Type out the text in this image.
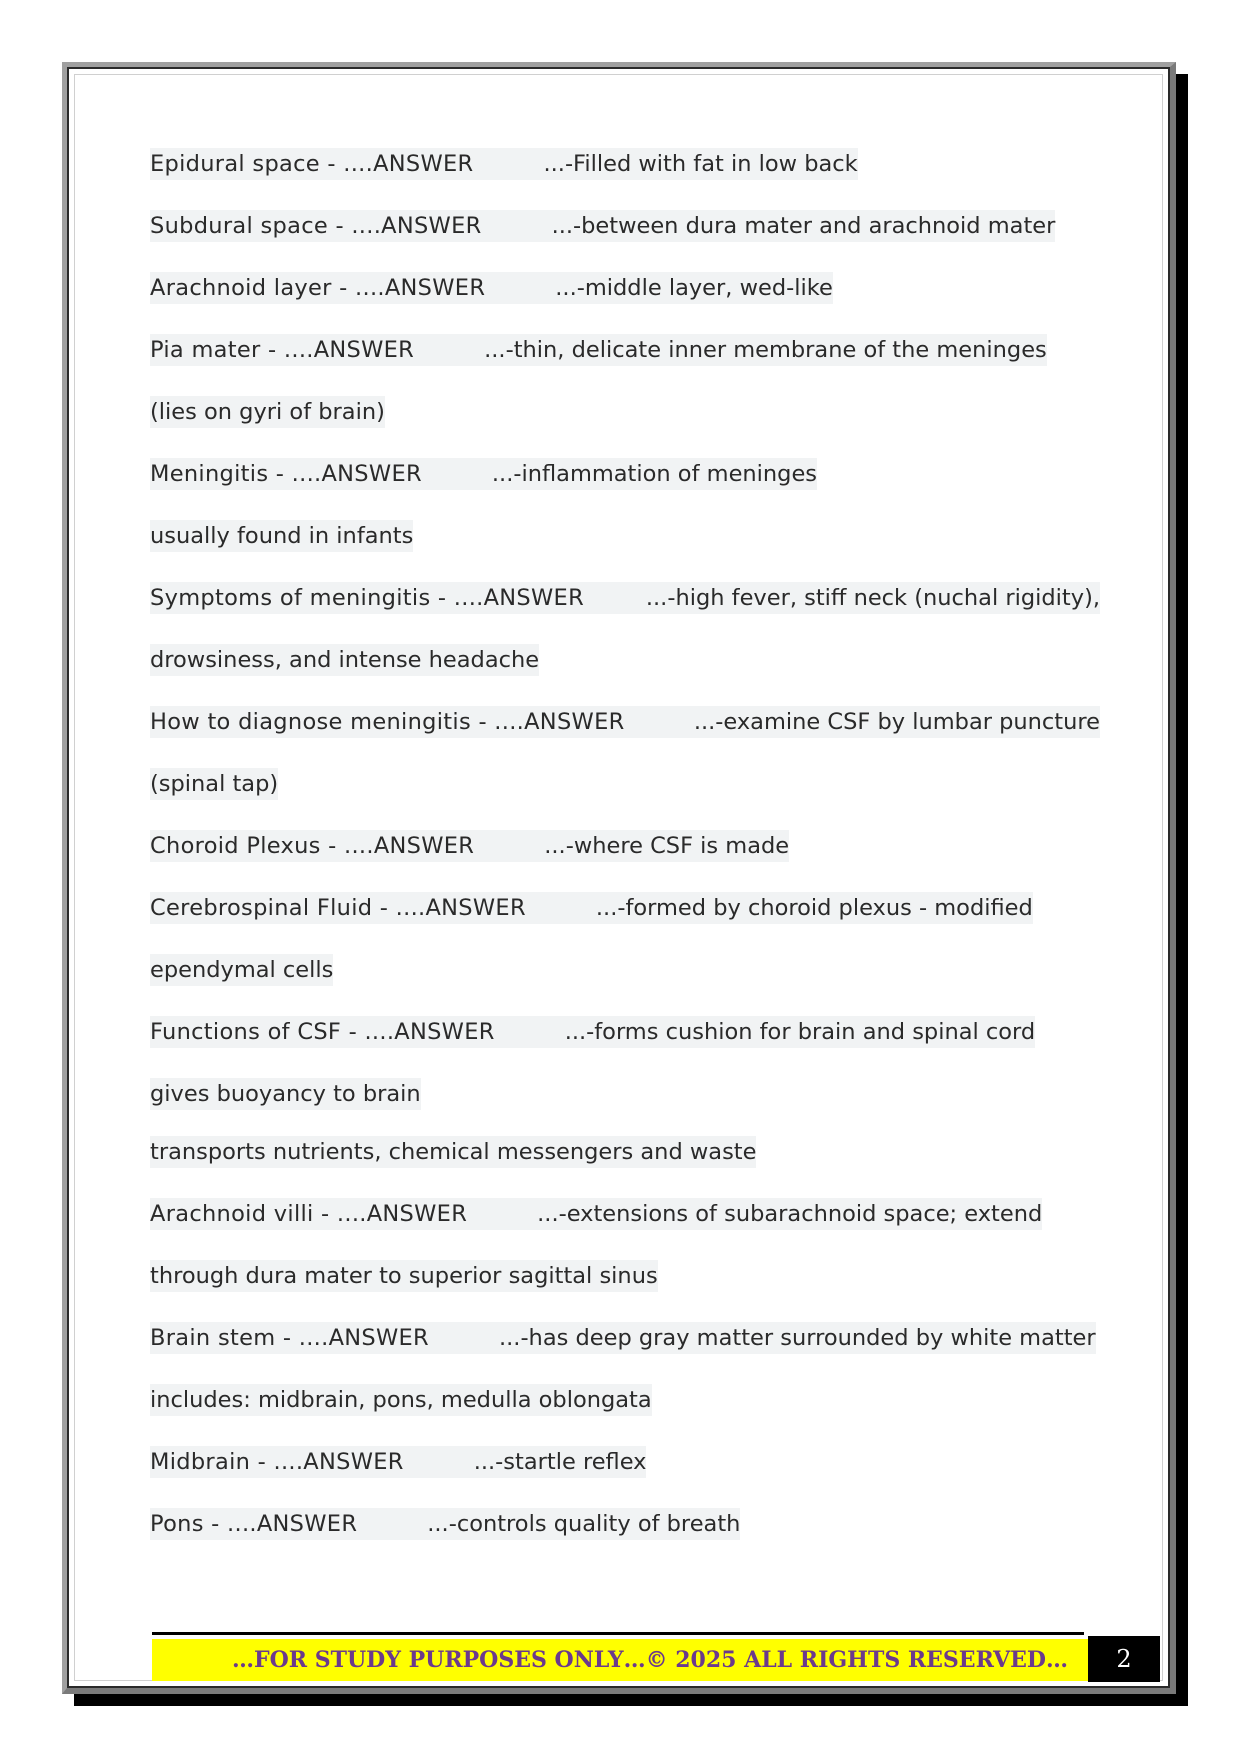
Epidural space - ....ANSWER	...-Filled with fat in low back
Subdural space - ....ANSWER	...-between dura mater and arachnoid mater
Arachnoid layer - ....ANSWER	...-middle layer, wed-like
Pia mater - ....ANSWER	...-thin, delicate inner membrane of the meninges
(lies on gyri of brain)
Meningitis - ....ANSWER	...-inflammation of meninges
usually found in infants
Symptoms of meningitis - ....ANSWER	...-high fever, stiff neck (nuchal rigidity),
drowsiness, and intense headache
How to diagnose meningitis - ....ANSWER	...-examine CSF by lumbar puncture
(spinal tap)
Choroid Plexus - ....ANSWER	...-where CSF is made
Cerebrospinal Fluid - ....ANSWER	...-formed by choroid plexus - modified
ependymal cells
Functions of CSF - ....ANSWER	...-forms cushion for brain and spinal cord
gives buoyancy to brain
transports nutrients, chemical messengers and waste
Arachnoid villi - ....ANSWER	...-extensions of subarachnoid space; extend
through dura mater to superior sagittal sinus
Brain stem - ....ANSWER	...-has deep gray matter surrounded by white matter
includes: midbrain, pons, medulla oblongata
Midbrain - ....ANSWER	...-startle reflex
Pons - ....ANSWER	...-controls quality of breath
…FOR STUDY PURPOSES ONLY…© 2025 ALL RIGHTS RESERVED… 2
